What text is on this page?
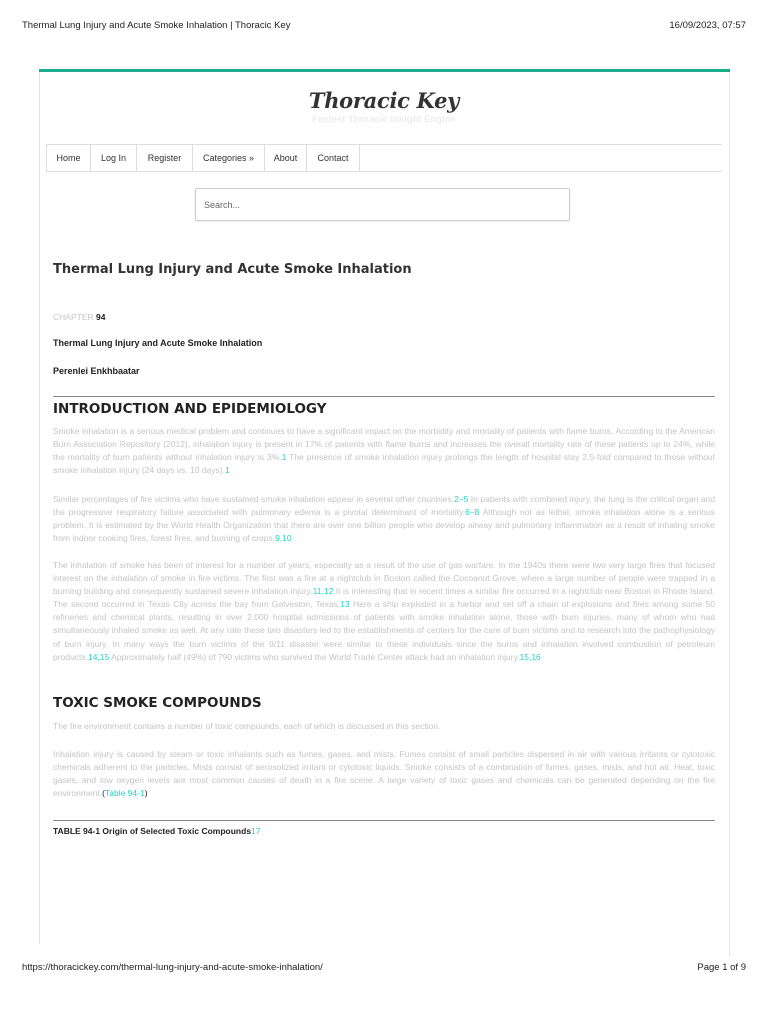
Thermal Lung Injury and Acute Smoke Inhalation | Thoracic Key	16/09/2023, 07:57
Thoracic Key
Fastest Thoracic Insight Engine
Home	Log In	Register	Categories »	About	Contact
Search...
Thermal Lung Injury and Acute Smoke Inhalation
CHAPTER 94
Thermal Lung Injury and Acute Smoke Inhalation
Perenlei Enkhbaatar
INTRODUCTION AND EPIDEMIOLOGY
Smoke inhalation is a serious medical problem and continues to have a significant impact on the morbidity and mortality of patients with flame burns. According to the American Burn Association Repository (2012), inhalation injury is present in 17% of patients with flame burns and increases the overall mortality rate of these patients up to 24%, while the mortality of burn patients without inhalation injury is 3%.1 The presence of smoke inhalation injury prolongs the length of hospital stay 2.5-fold compared to those without smoke inhalation injury (24 days vs. 10 days).1
Similar percentages of fire victims who have sustained smoke inhalation appear in several other countries.2–5 In patients with combined injury, the lung is the critical organ and the progressive respiratory failure associated with pulmonary edema is a pivotal determinant of mortality.6–8 Although not as lethal, smoke inhalation alone is a serious problem. It is estimated by the World Health Organization that there are over one billion people who develop airway and pulmonary inflammation as a result of inhaling smoke from indoor cooking fires, forest fires, and burning of crops.9,10
The inhalation of smoke has been of interest for a number of years, especially as a result of the use of gas warfare. In the 1940s there were two very large fires that focused interest on the inhalation of smoke in fire victims. The first was a fire at a nightclub in Boston called the Cocoanut Grove, where a large number of people were trapped in a burning building and consequently sustained severe inhalation injury.11,12 It is interesting that in recent times a similar fire occurred in a nightclub near Boston in Rhode Island. The second occurred in Texas City across the bay from Galveston, Texas.13 Here a ship exploded in a harbor and set off a chain of explosions and fires among some 50 refineries and chemical plants, resulting in over 2,000 hospital admissions of patients with smoke inhalation alone, those with burn injuries, many of whom who had simultaneously inhaled smoke as well. At any rate these two disasters led to the establishments of centers for the care of burn victims and to research into the pathophysiology of burn injury. In many ways the burn victims of the 9/11 disaster were similar to these individuals since the burns and inhalation involved combustion of petroleum products.14,15 Approximately half (49%) of 790 victims who survived the World Trade Center attack had an inhalation injury.15,16
TOXIC SMOKE COMPOUNDS
The fire environment contains a number of toxic compounds, each of which is discussed in this section.
Inhalation injury is caused by steam or toxic inhalants such as fumes, gases, and mists. Fumes consist of small particles dispersed in air with various irritants or cytotoxic chemicals adherent to the particles. Mists consist of aerosolized irritant or cytotoxic liquids. Smoke consists of a combination of fumes, gases, mists, and hot air. Heat, toxic gases, and low oxygen levels are most common causes of death in a fire scene. A large variety of toxic gases and chemicals can be generated depending on the fire environment.(Table 94-1)
TABLE 94-1 Origin of Selected Toxic Compounds17
https://thoracickey.com/thermal-lung-injury-and-acute-smoke-inhalation/	Page 1 of 9
